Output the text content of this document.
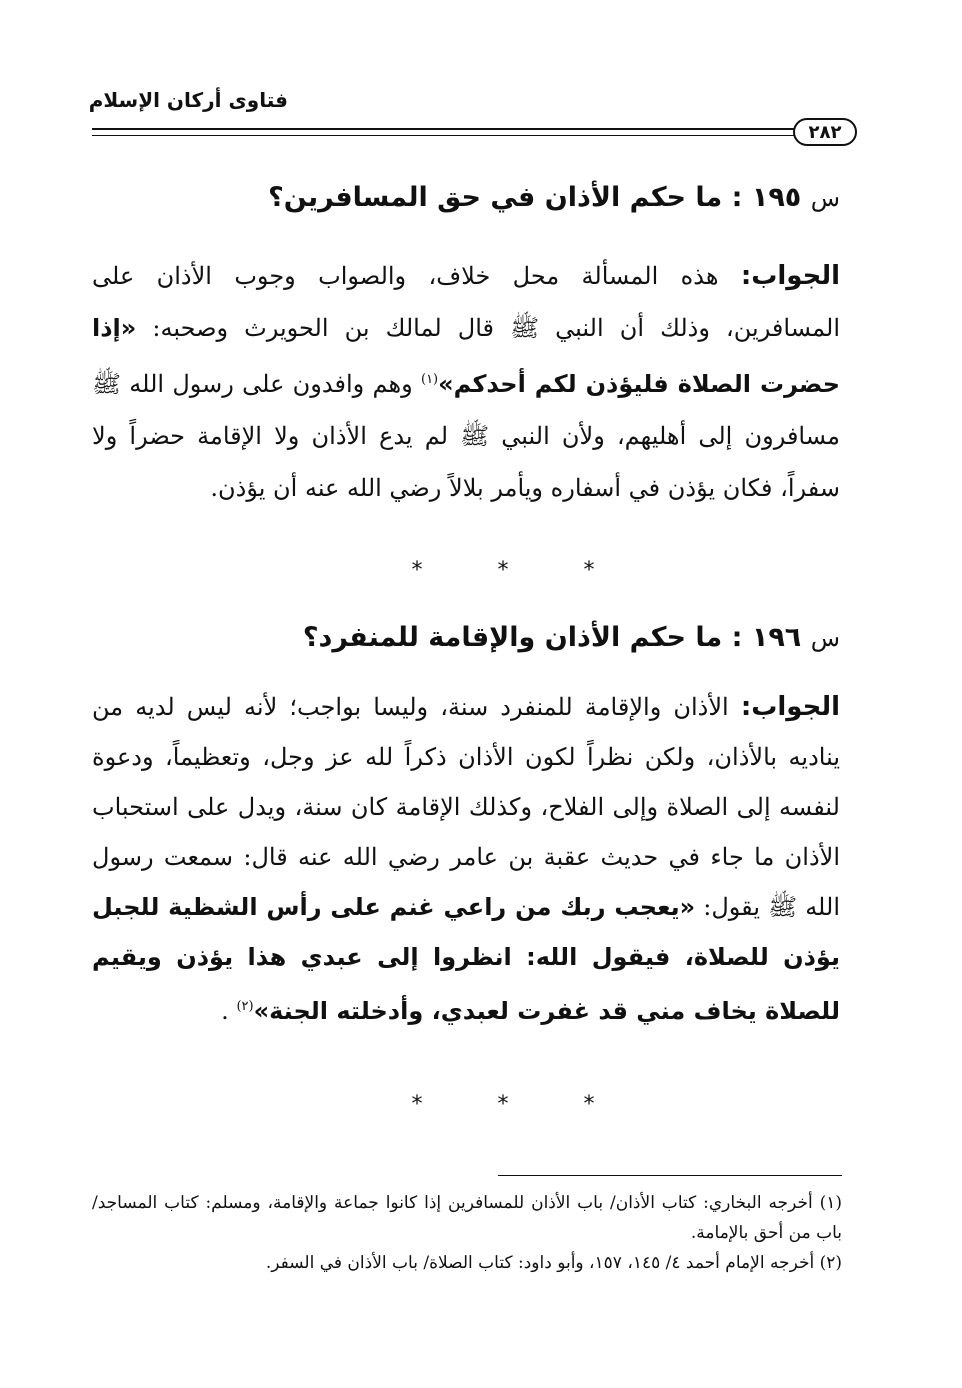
فتاوى أركان الإسلام
٢٨٢
س ١٩٥ : ما حكم الأذان في حق المسافرين؟

الجواب: هذه المسألة محل خلاف، والصواب وجوب الأذان على المسافرين، وذلك أن النبي ﷺ قال لمالك بن الحويرث وصحبه: «إذا حضرت الصلاة فليؤذن لكم أحدكم»$^{(١)}$ وهم وافدون على رسول الله ﷺ مسافرون إلى أهليهم، ولأن النبي ﷺ لم يدع الأذان ولا الإقامة حضراً ولا سفراً، فكان يؤذن في أسفاره ويأمر بلالاً رضي الله عنه أن يؤذن.

* * *
س ١٩٦ : ما حكم الأذان والإقامة للمنفرد؟

الجواب: الأذان والإقامة للمنفرد سنة، وليسا بواجب؛ لأنه ليس لديه من يناديه بالأذان، ولكن نظراً لكون الأذان ذكراً لله عز وجل، وتعظيماً، ودعوة لنفسه إلى الصلاة وإلى الفلاح، وكذلك الإقامة كان سنة، ويدل على استحباب الأذان ما جاء في حديث عقبة بن عامر رضي الله عنه قال: سمعت رسول الله ﷺ يقول: «يعجب ربك من راعي غنم على رأس الشظية للجبل يؤذن للصلاة، فيقول الله: انظروا إلى عبدي هذا يؤذن ويقيم للصلاة يخاف مني قد غفرت لعبدي، وأدخلته الجنة»$^{(٢)}$ .

* * *

(١) أخرجه البخاري: كتاب الأذان/ باب الأذان للمسافرين إذا كانوا جماعة والإقامة، ومسلم: كتاب المساجد/ باب من أحق بالإمامة.

(٢) أخرجه الإمام أحمد ٤/ ١٤٥، ١٥٧، وأبو داود: كتاب الصلاة/ باب الأذان في السفر.
